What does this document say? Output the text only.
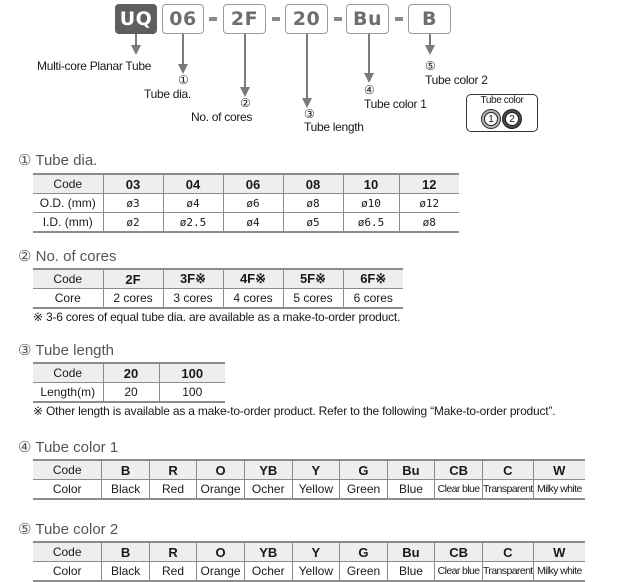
UQ 06	2F	20	Bu	B
Multi-core Planar Tube
①
Tube dia.
②
No. of cores	③
Tube length
④
Tube color 1
⑤
Tube color 2
Tube color
1	2
① Tube dia.
Code	03	04	06	08	10	12
O.D. (mm)	ø3	ø4	ø6	ø8	ø10	ø12
I.D. (mm)	ø2	ø2.5	ø4	ø5	ø6.5	ø8
② No. of cores
Code	2F	3F※	4F※	5F※	6F※
Core	2 cores	3 cores	4 cores	5 cores	6 cores
※ 3-6 cores of equal tube dia. are available as a make-to-order product.
③ Tube length
Code	20	100
Length(m)	20	100
※ Other length is available as a make-to-order product. Refer to the following “Make-to-order product”.
④ Tube color 1
Code	B	R	O	YB	Y	G	Bu	CB	C	W
Color	Black	Red	Orange	Ocher	Yellow	Green	Blue	Clear blue	Transparent	Milky white
⑤ Tube color 2
Code	B	R	O	YB	Y	G	Bu	CB	C	W
Color	Black	Red	Orange	Ocher	Yellow	Green	Blue	Clear blue	Transparent	Milky white
